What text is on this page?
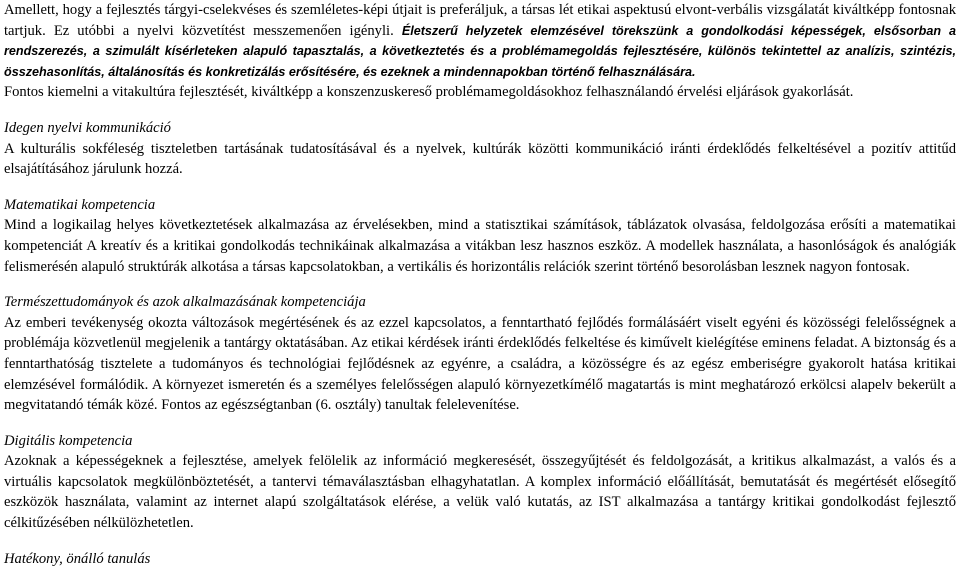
Amellett, hogy a fejlesztés tárgyi-cselekvéses és szemléletes-képi útjait is preferáljuk, a társas lét etikai aspektusú elvont-verbális vizsgálatát kiváltképp fontosnak tartjuk. Ez utóbbi a nyelvi közvetítést messzemenően igényli. Életszerű helyzetek elemzésével törekszünk a gondolkodási képességek, elsősorban a rendszerezés, a szimulált kísérleteken alapuló tapasztalás, a következtetés és a problémamegoldás fejlesztésére, különös tekintettel az analízis, szintézis, összehasonlítás, általánosítás és konkretizálás erősítésére, és ezeknek a mindennapokban történő felhasználására.

Fontos kiemelni a vitakultúra fejlesztését, kiváltképp a konszenzuskereső problémamegoldásokhoz felhasználandó érvelési eljárások gyakorlását.

Idegen nyelvi kommunikáció

A kulturális sokféleség tiszteletben tartásának tudatosításával és a nyelvek, kultúrák közötti kommunikáció iránti érdeklődés felkeltésével a pozitív attitűd elsajátításához járulunk hozzá.

Matematikai kompetencia

Mind a logikailag helyes következtetések alkalmazása az érvelésekben, mind a statisztikai számítások, táblázatok olvasása, feldolgozása erősíti a matematikai kompetenciát A kreatív és a kritikai gondolkodás technikáinak alkalmazása a vitákban lesz hasznos eszköz. A modellek használata, a hasonlóságok és analógiák felismerésén alapuló struktúrák alkotása a társas kapcsolatokban, a vertikális és horizontális relációk szerint történő besorolásban lesznek nagyon fontosak.

Természettudományok és azok alkalmazásának kompetenciája

Az emberi tevékenység okozta változások megértésének és az ezzel kapcsolatos, a fenntartható fejlődés formálásáért viselt egyéni és közösségi felelősségnek a problémája közvetlenül megjelenik a tantárgy oktatásában. Az etikai kérdések iránti érdeklődés felkeltése és kiművelt kielégítése eminens feladat. A biztonság és a fenntarthatóság tisztelete a tudományos és technológiai fejlődésnek az egyénre, a családra, a közösségre és az egész emberiségre gyakorolt hatása kritikai elemzésével formálódik. A környezet ismeretén és a személyes felelősségen alapuló környezetkímélő magatartás is mint meghatározó erkölcsi alapelv bekerült a megvitatandó témák közé. Fontos az egészségtanban (6. osztály) tanultak felelevenítése.

Digitális kompetencia

Azoknak a képességeknek a fejlesztése, amelyek felölelik az információ megkeresését, összegyűjtését és feldolgozását, a kritikus alkalmazást, a valós és a virtuális kapcsolatok megkülönböztetését, a tantervi témaválasztásban elhagyhatatlan. A komplex információ előállítását, bemutatását és megértését elősegítő eszközök használata, valamint az internet alapú szolgáltatások elérése, a velük való kutatás, az IST alkalmazása a tantárgy kritikai gondolkodást fejlesztő célkitűzésében nélkülözhetetlen.

Hatékony, önálló tanulás
